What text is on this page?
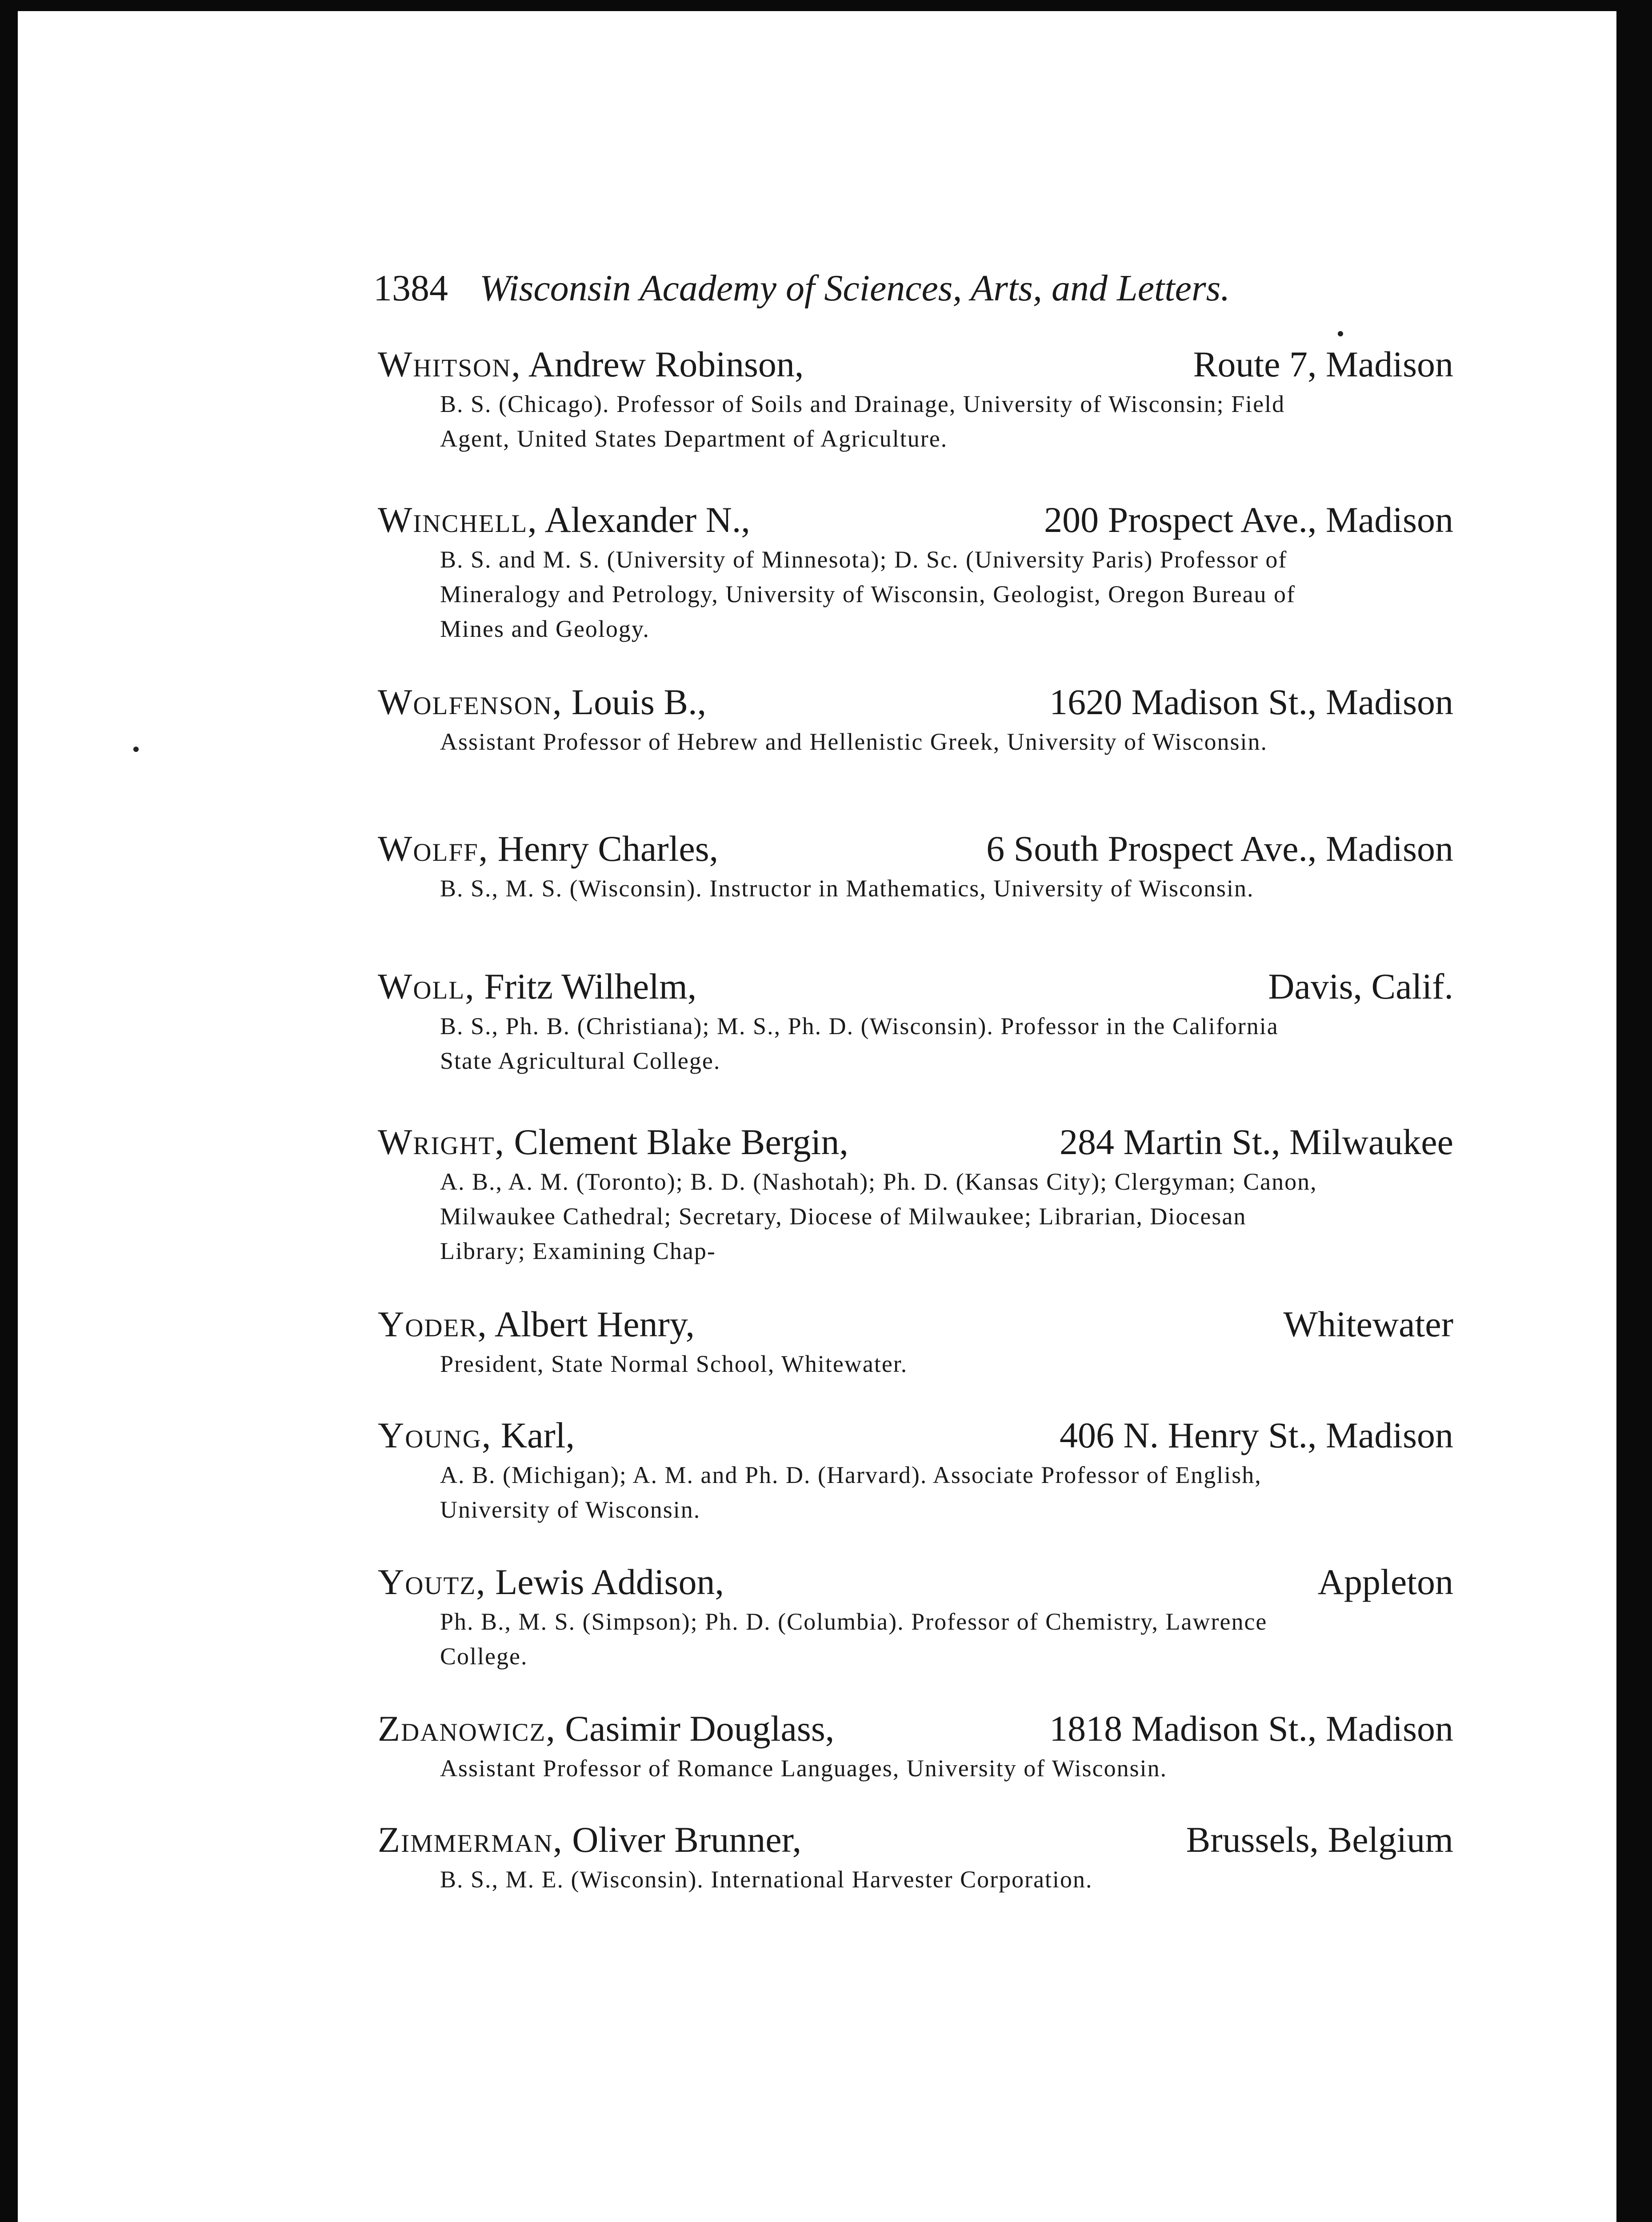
1384 Wisconsin Academy of Sciences, Arts, and Letters.
Whitson, Andrew Robinson,	Route 7, Madison
B. S. (Chicago). Professor of Soils and Drainage, University of Wisconsin; Field Agent, United States Department of Agriculture.
Winchell, Alexander N.,	200 Prospect Ave., Madison
B. S. and M. S. (University of Minnesota); D. Sc. (University Paris) Professor of Mineralogy and Petrology, University of Wisconsin, Geologist, Oregon Bureau of Mines and Geology.
Wolfenson, Louis B.,	1620 Madison St., Madison
Assistant Professor of Hebrew and Hellenistic Greek, University of Wisconsin.
Wolff, Henry Charles,	6 South Prospect Ave., Madison
B. S., M. S. (Wisconsin). Instructor in Mathematics, University of Wisconsin.
Woll, Fritz Wilhelm,	Davis, Calif.
B. S., Ph. B. (Christiana); M. S., Ph. D. (Wisconsin). Professor in the California State Agricultural College.
Wright, Clement Blake Bergin,	284 Martin St., Milwaukee
A. B., A. M. (Toronto); B. D. (Nashotah); Ph. D. (Kansas City); Clergyman; Canon, Milwaukee Cathedral; Secretary, Diocese of Milwaukee; Librarian, Diocesan Library; Examining Chap-
Yoder, Albert Henry,	Whitewater
President, State Normal School, Whitewater.
Young, Karl,	406 N. Henry St., Madison
A. B. (Michigan); A. M. and Ph. D. (Harvard). Associate Professor of English, University of Wisconsin.
Youtz, Lewis Addison,	Appleton
Ph. B., M. S. (Simpson); Ph. D. (Columbia). Professor of Chemistry, Lawrence College.
Zdanowicz, Casimir Douglass,	1818 Madison St., Madison
Assistant Professor of Romance Languages, University of Wisconsin.
Zimmerman, Oliver Brunner,	Brussels, Belgium
B. S., M. E. (Wisconsin). International Harvester Corporation.
